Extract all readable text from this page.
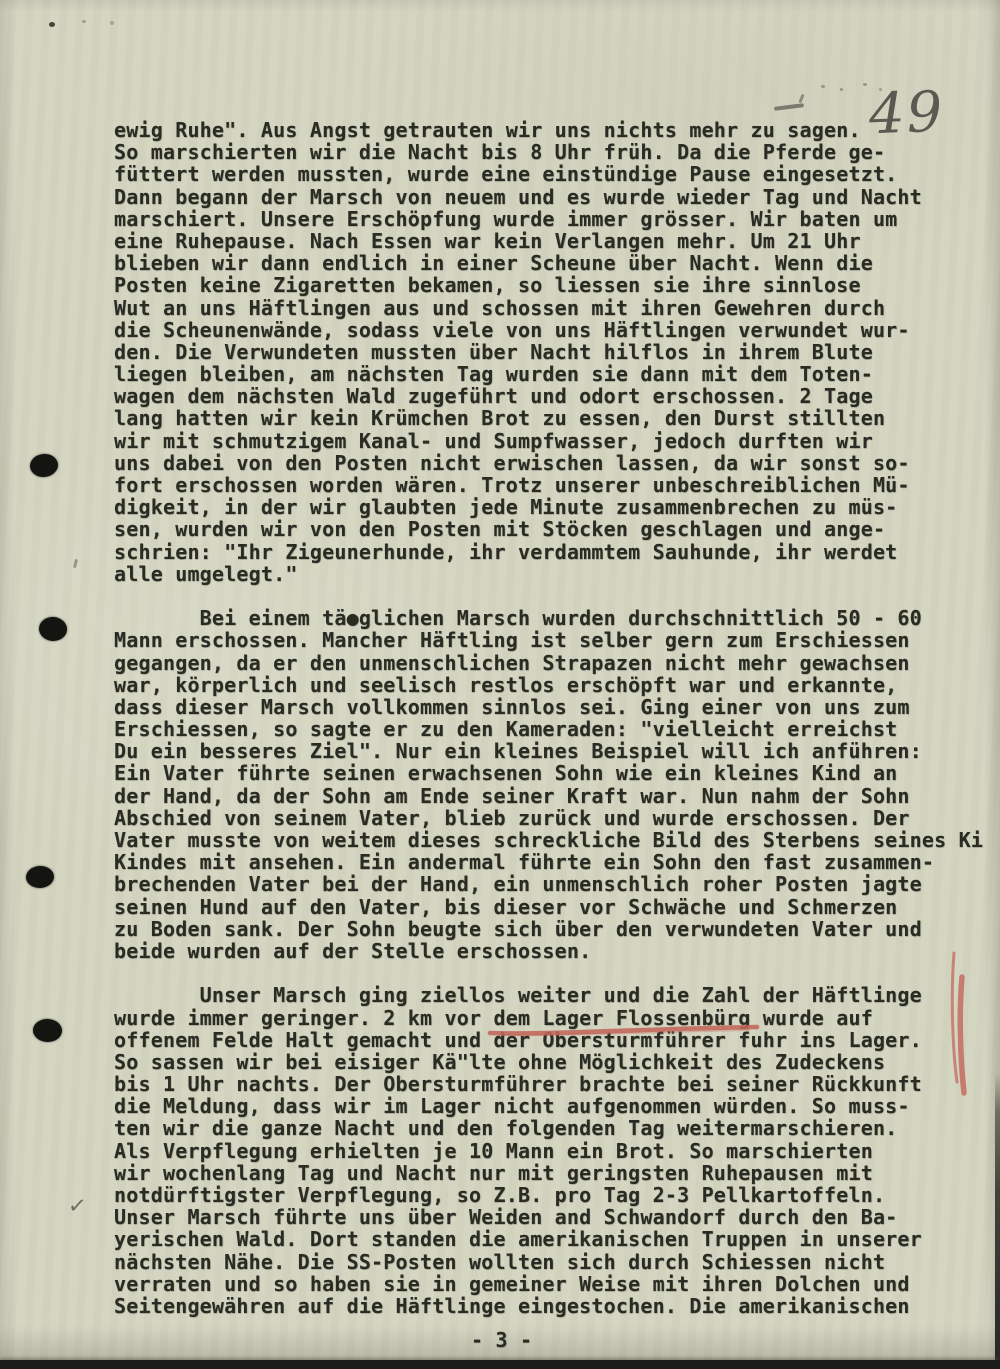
49
ewig Ruhe". Aus Angst getrauten wir uns nichts mehr zu sagen.
So marschierten wir die Nacht bis 8 Uhr früh. Da die Pferde ge-
füttert werden mussten, wurde eine einstündige Pause eingesetzt.
Dann begann der Marsch von neuem und es wurde wieder Tag und Nacht
marschiert. Unsere Erschöpfung wurde immer grösser. Wir baten um
eine Ruhepause. Nach Essen war kein Verlangen mehr. Um 21 Uhr
blieben wir dann endlich in einer Scheune über Nacht. Wenn die
Posten keine Zigaretten bekamen, so liessen sie ihre sinnlose
Wut an uns Häftlingen aus und schossen mit ihren Gewehren durch
die Scheunenwände, sodass viele von uns Häftlingen verwundet wur-
den. Die Verwundeten mussten über Nacht hilflos in ihrem Blute
liegen bleiben, am nächsten Tag wurden sie dann mit dem Toten-
wagen dem nächsten Wald zugeführt und odort erschossen. 2 Tage
lang hatten wir kein Krümchen Brot zu essen, den Durst stillten
wir mit schmutzigem Kanal- und Sumpfwasser, jedoch durften wir
uns dabei von den Posten nicht erwischen lassen, da wir sonst so-
fort erschossen worden wären. Trotz unserer unbeschreiblichen Mü-
digkeit, in der wir glaubten jede Minute zusammenbrechen zu müs-
sen, wurden wir von den Posten mit Stöcken geschlagen und ange-
schrien: "Ihr Zigeunerhunde, ihr verdammtem Sauhunde, ihr werdet
alle umgelegt."
Bei einem tä●glichen Marsch wurden durchschnittlich 50 - 60
Mann erschossen. Mancher Häftling ist selber gern zum Erschiessen
gegangen, da er den unmenschlichen Strapazen nicht mehr gewachsen
war, körperlich und seelisch restlos erschöpft war und erkannte,
dass dieser Marsch vollkommen sinnlos sei. Ging einer von uns zum
Erschiessen, so sagte er zu den Kameraden: "vielleicht erreichst
Du ein besseres Ziel". Nur ein kleines Beispiel will ich anführen:
Ein Vater führte seinen erwachsenen Sohn wie ein kleines Kind an
der Hand, da der Sohn am Ende seiner Kraft war. Nun nahm der Sohn
Abschied von seinem Vater, blieb zurück und wurde erschossen. Der
Vater musste von weitem dieses schreckliche Bild des Sterbens seines Ki
Kindes mit ansehen. Ein andermal führte ein Sohn den fast zusammen-
brechenden Vater bei der Hand, ein unmenschlich roher Posten jagte
seinen Hund auf den Vater, bis dieser vor Schwäche und Schmerzen
zu Boden sank. Der Sohn beugte sich über den verwundeten Vater und
beide wurden auf der Stelle erschossen.
Unser Marsch ging ziellos weiter und die Zahl der Häftlinge
wurde immer geringer. 2 km vor dem Lager Flossenbürg wurde auf
offenem Felde Halt gemacht und der Obersturmführer fuhr ins Lager.
So sassen wir bei eisiger Kä"lte ohne Möglichkeit des Zudeckens
bis 1 Uhr nachts. Der Obersturmführer brachte bei seiner Rückkunft
die Meldung, dass wir im Lager nicht aufgenommen würden. So muss-
ten wir die ganze Nacht und den folgenden Tag weitermarschieren.
Als Verpflegung erhielten je 10 Mann ein Brot. So marschierten
wir wochenlang Tag und Nacht nur mit geringsten Ruhepausen mit
notdürftigster Verpflegung, so Z.B. pro Tag 2-3 Pellkartoffeln.
Unser Marsch führte uns über Weiden and Schwandorf durch den Ba-
yerischen Wald. Dort standen die amerikanischen Truppen in unserer
nächsten Nähe. Die SS-Posten wollten sich durch Schiessen nicht
verraten und so haben sie in gemeiner Weise mit ihren Dolchen und
Seitengewähren auf die Häftlinge eingestochen. Die amerikanischen
✓
- 3 -
